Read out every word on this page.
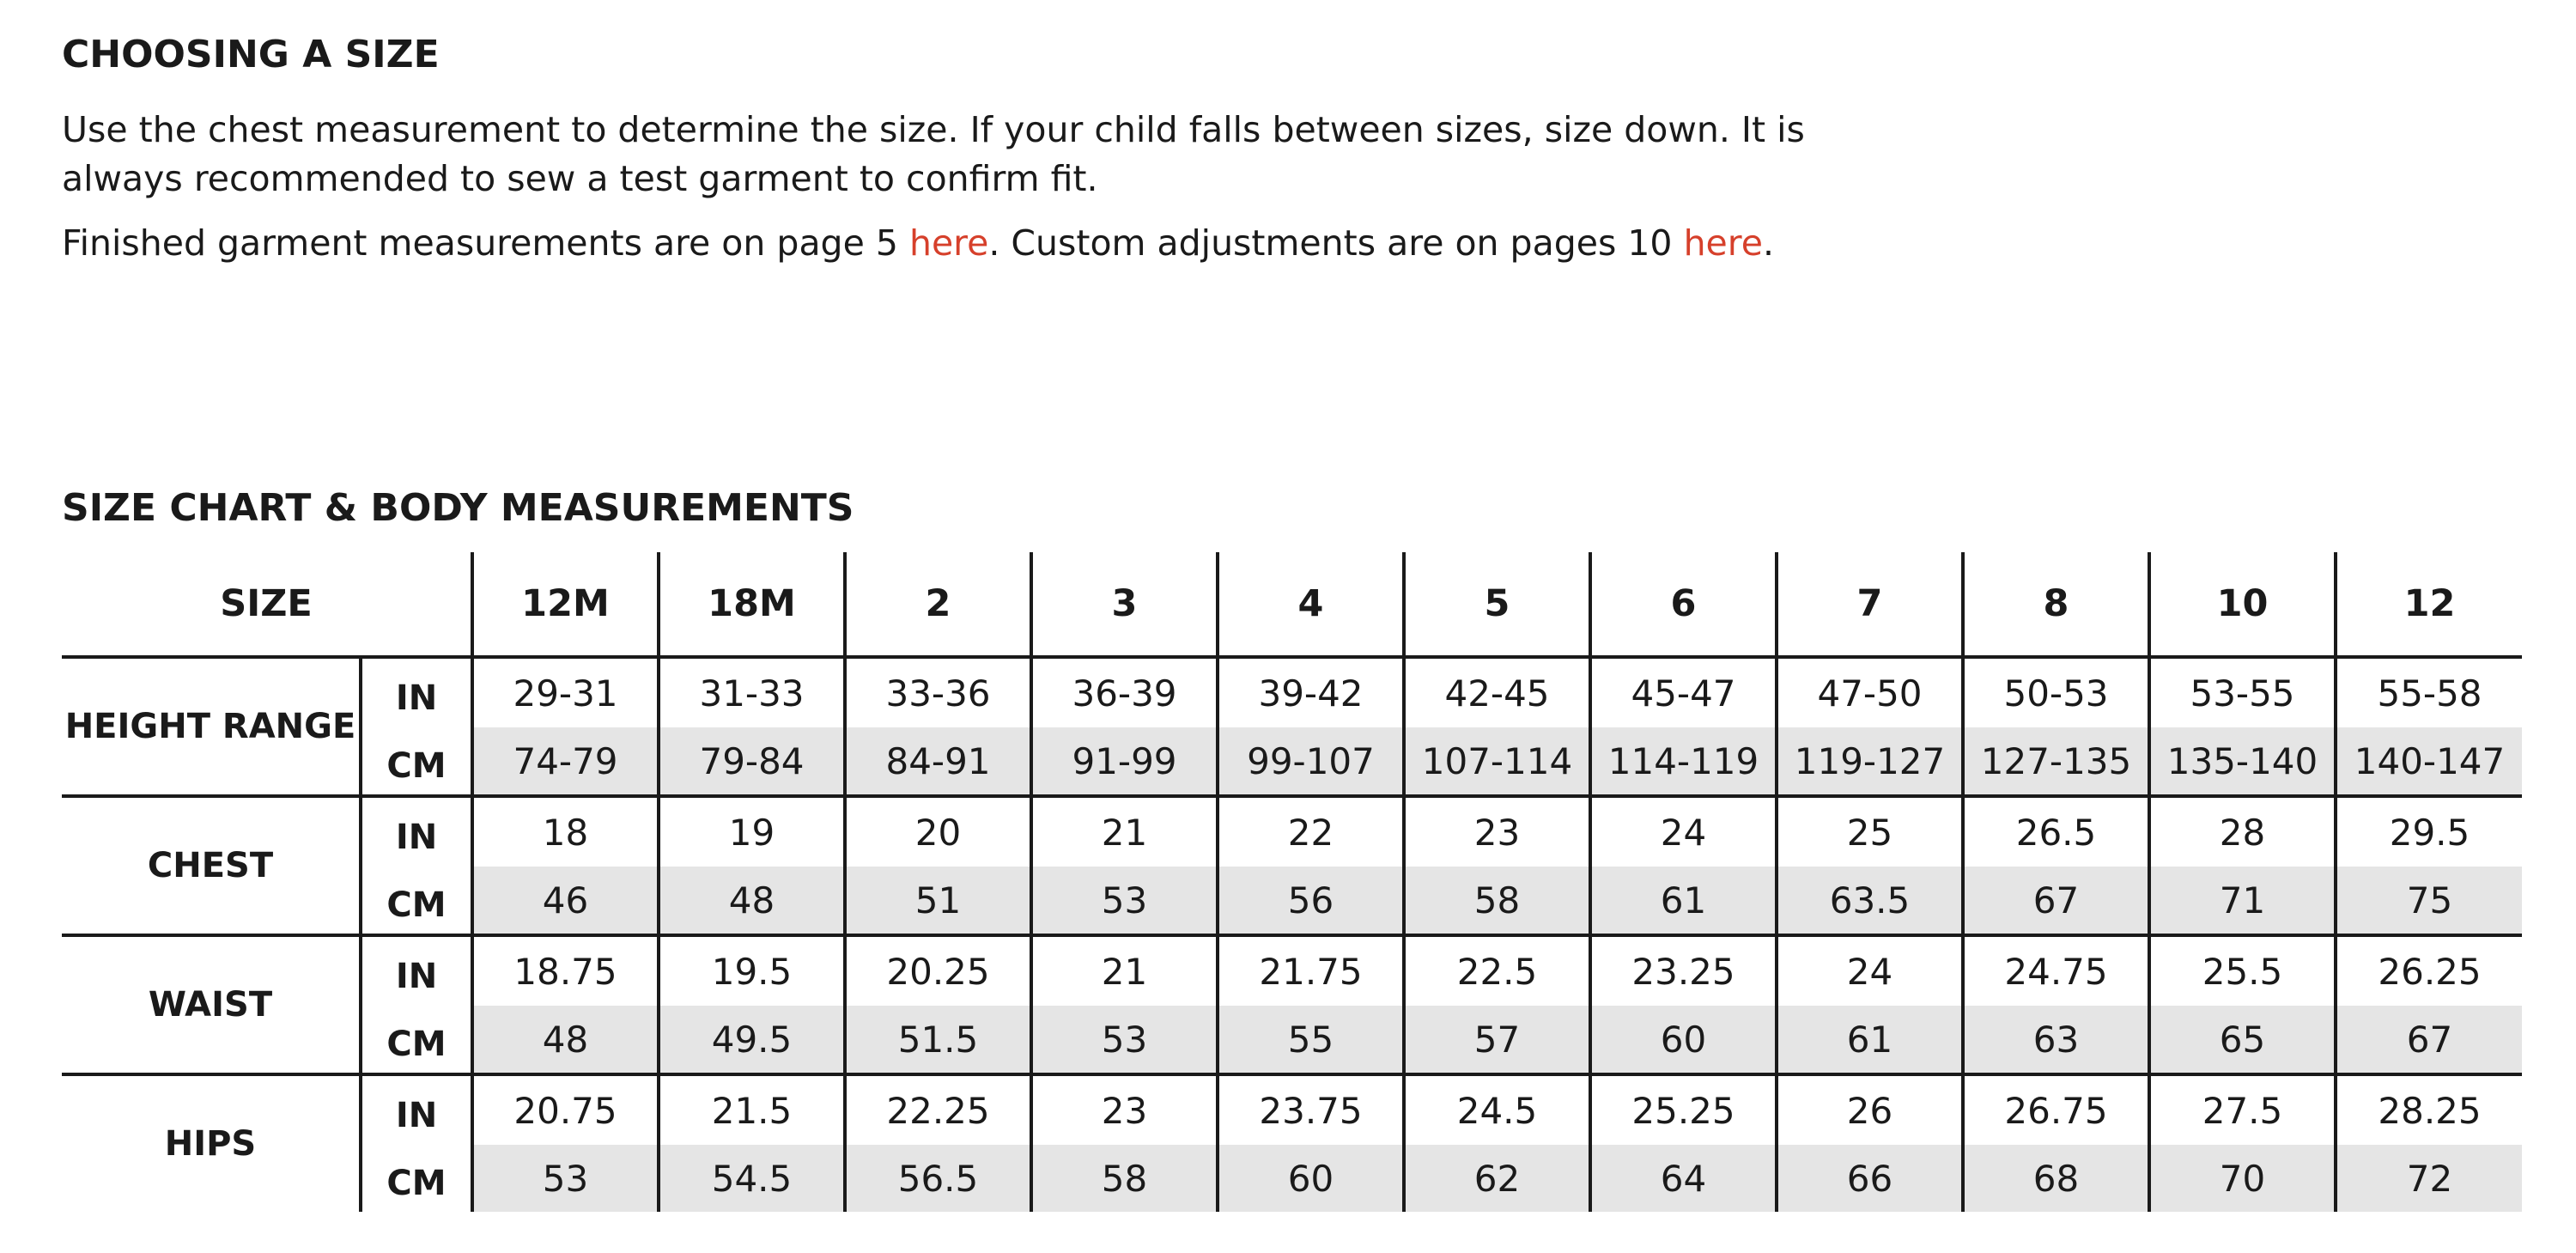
CHOOSING A SIZE

Use the chest measurement to determine the size. If your child falls between sizes, size down. It is always recommended to sew a test garment to confirm fit.

Finished garment measurements are on page 5 here. Custom adjustments are on pages 10 here.

SIZE CHART & BODY MEASUREMENTS
SIZE		12M	18M	2	3	4	5	6	7	8	10	12
HEIGHT RANGE	IN	29-31	31-33	33-36	36-39	39-42	42-45	45-47	47-50	50-53	53-55	55-58
	CM	74-79	79-84	84-91	91-99	99-107	107-114	114-119	119-127	127-135	135-140	140-147
CHEST	IN	18	19	20	21	22	23	24	25	26.5	28	29.5
	CM	46	48	51	53	56	58	61	63.5	67	71	75
WAIST	IN	18.75	19.5	20.25	21	21.75	22.5	23.25	24	24.75	25.5	26.25
	CM	48	49.5	51.5	53	55	57	60	61	63	65	67
HIPS	IN	20.75	21.5	22.25	23	23.75	24.5	25.25	26	26.75	27.5	28.25
	CM	53	54.5	56.5	58	60	62	64	66	68	70	72
